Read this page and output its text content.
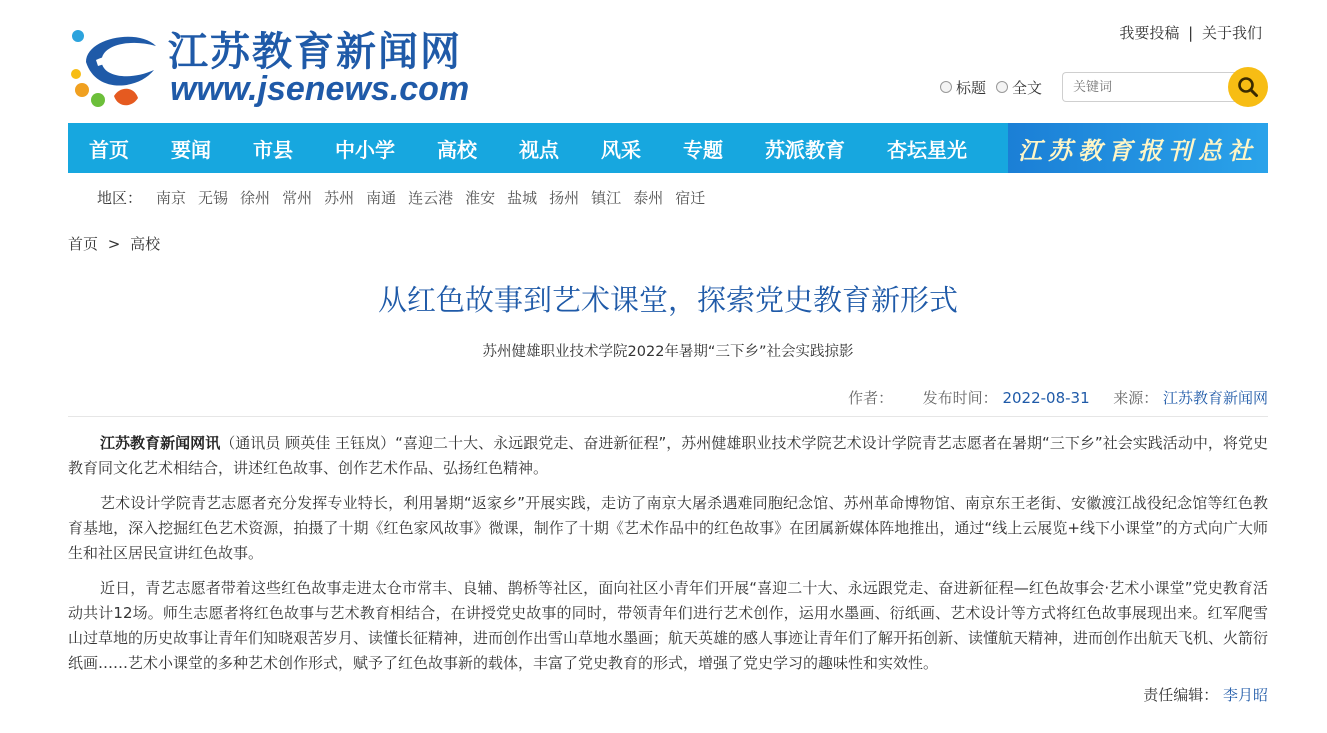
江苏教育新闻网
www.jsenews.com
我要投稿 | 关于我们
标题 全文
关键词
首页	要闻	市县	中小学	高校	视点	风采	专题	苏派教育	杏坛星光	江苏教育报刊总社
地区： 南京 无锡 徐州 常州 苏州 南通 连云港 淮安 盐城 扬州 镇江 泰州 宿迁
首页 > 高校
从红色故事到艺术课堂，探索党史教育新形式
苏州健雄职业技术学院2022年暑期“三下乡”社会实践掠影
作者： 发布时间： 2022-08-31 来源： 江苏教育新闻网

江苏教育新闻网讯（通讯员 顾英佳 王钰岚）“喜迎二十大、永远跟党走、奋进新征程”，苏州健雄职业技术学院艺术设计学院青艺志愿者在暑期“三下乡”社会实践活动中，将党史教育同文化艺术相结合，讲述红色故事、创作艺术作品、弘扬红色精神。

艺术设计学院青艺志愿者充分发挥专业特长，利用暑期“返家乡”开展实践，走访了南京大屠杀遇难同胞纪念馆、苏州革命博物馆、南京东王老街、安徽渡江战役纪念馆等红色教育基地，深入挖掘红色艺术资源，拍摄了十期《红色家风故事》微课，制作了十期《艺术作品中的红色故事》在团属新媒体阵地推出，通过“线上云展览+线下小课堂”的方式向广大师生和社区居民宣讲红色故事。

近日，青艺志愿者带着这些红色故事走进太仓市常丰、良辅、鹊桥等社区，面向社区小青年们开展“喜迎二十大、永远跟党走、奋进新征程—红色故事会·艺术小课堂”党史教育活动共计12场。师生志愿者将红色故事与艺术教育相结合，在讲授党史故事的同时，带领青年们进行艺术创作，运用水墨画、衍纸画、艺术设计等方式将红色故事展现出来。红军爬雪山过草地的历史故事让青年们知晓艰苦岁月、读懂长征精神，进而创作出雪山草地水墨画；航天英雄的感人事迹让青年们了解开拓创新、读懂航天精神，进而创作出航天飞机、火箭衍纸画……艺术小课堂的多种艺术创作形式，赋予了红色故事新的载体，丰富了党史教育的形式，增强了党史学习的趣味性和实效性。

责任编辑： 李月昭
